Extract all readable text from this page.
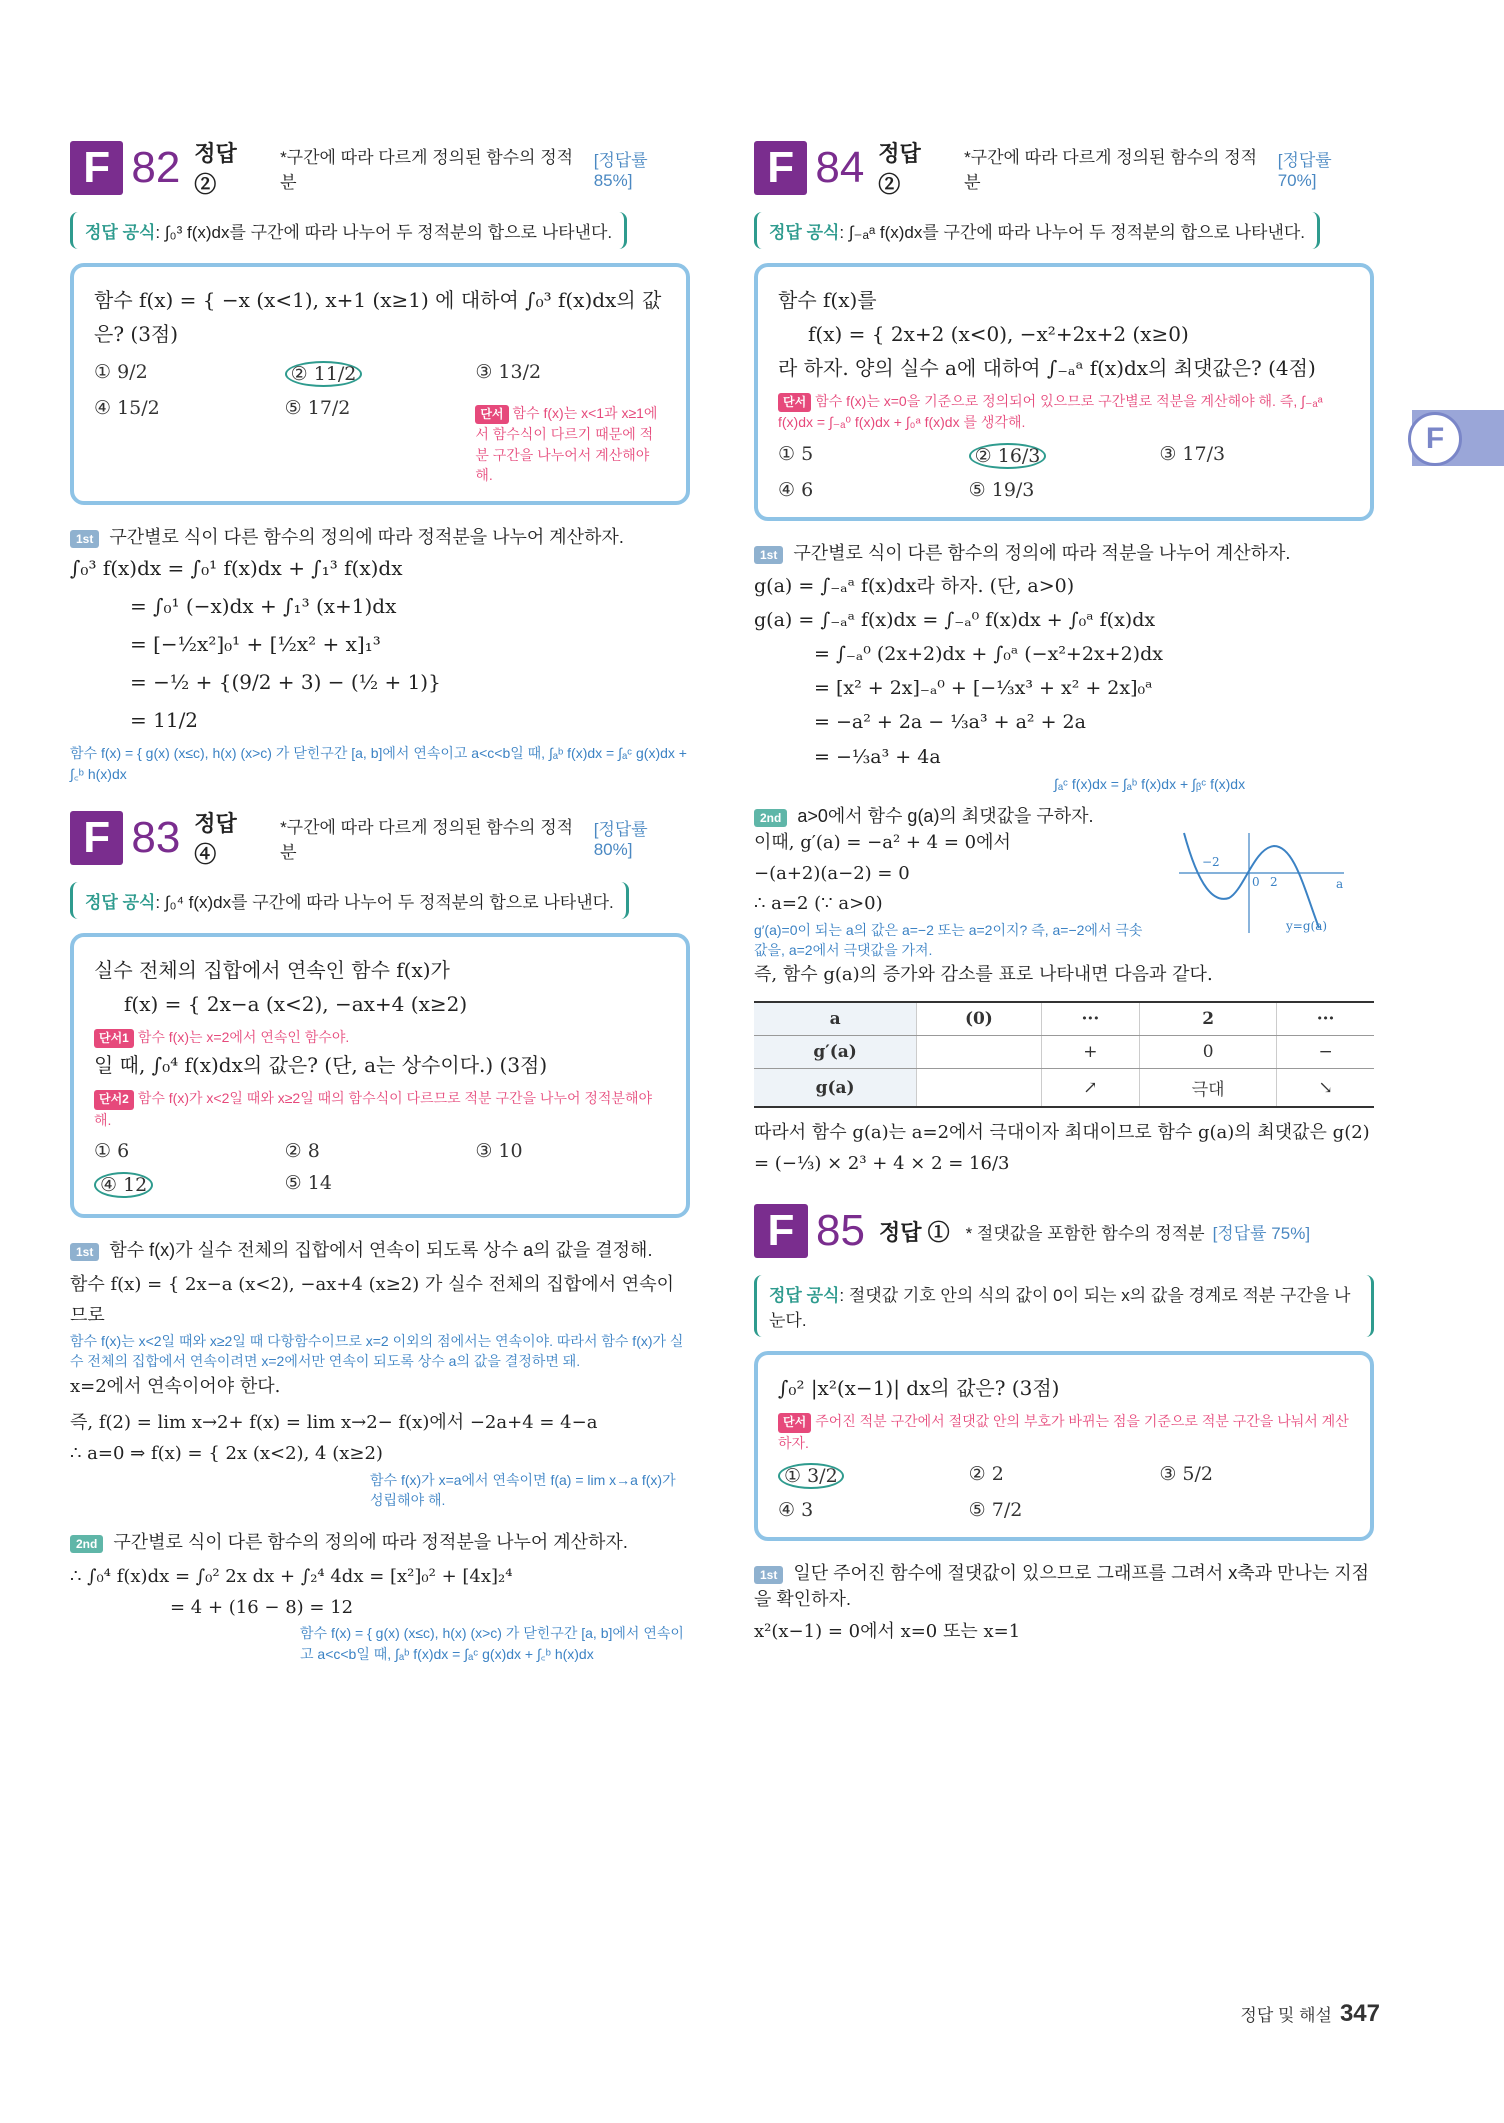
F 82 정답 ②
*구간에 따라 다르게 정의된 함수의 정적분
[정답률 85%]
정답 공식: ∫₀³ f(x)dx를 구간에 따라 나누어 두 정적분의 합으로 나타낸다.
함수 f(x) = { −x (x<1), x+1 (x≥1) 에 대하여 ∫₀³ f(x)dx의 값은? (3점)
① 9/2	② 11/2	③ 13/2
④ 15/2	⑤ 17/2	단서 함수 f(x)는 x<1과 x≥1에서 함수식이 다르기 때문에 적분 구간을 나누어서 계산해야 해.
1st 구간별로 식이 다른 함수의 정의에 따라 정적분을 나누어 계산하자.
∫₀³ f(x)dx = ∫₀¹ f(x)dx + ∫₁³ f(x)dx
= ∫₀¹ (−x)dx + ∫₁³ (x+1)dx
= [−½x²]₀¹ + [½x² + x]₁³
= −½ + {(9/2 + 3) − (½ + 1)}
= 11/2
함수 f(x) = { g(x) (x≤c), h(x) (x>c) 가 닫힌구간 [a, b]에서 연속이고 a<c<b일 때, ∫ₐᵇ f(x)dx = ∫ₐᶜ g(x)dx + ∫꜀ᵇ h(x)dx
F 83 정답 ④
*구간에 따라 다르게 정의된 함수의 정적분
[정답률 80%]
정답 공식: ∫₀⁴ f(x)dx를 구간에 따라 나누어 두 정적분의 합으로 나타낸다.
실수 전체의 집합에서 연속인 함수 f(x)가
f(x) = { 2x−a (x<2), −ax+4 (x≥2)
단서1 함수 f(x)는 x=2에서 연속인 함수야.
일 때, ∫₀⁴ f(x)dx의 값은? (단, a는 상수이다.) (3점)
단서2 함수 f(x)가 x<2일 때와 x≥2일 때의 함수식이 다르므로 적분 구간을 나누어 정적분해야 해.
① 6	② 8	③ 10
④ 12	⑤ 14
1st 함수 f(x)가 실수 전체의 집합에서 연속이 되도록 상수 a의 값을 결정해.
함수 f(x) = { 2x−a (x<2), −ax+4 (x≥2) 가 실수 전체의 집합에서 연속이므로
함수 f(x)는 x<2일 때와 x≥2일 때 다항함수이므로 x=2 이외의 점에서는 연속이야. 따라서 함수 f(x)가 실수 전체의 집합에서 연속이려면 x=2에서만 연속이 되도록 상수 a의 값을 결정하면 돼.
x=2에서 연속이어야 한다.
즉, f(2) = lim x→2+ f(x) = lim x→2− f(x)에서 −2a+4 = 4−a
∴ a=0 ⇒ f(x) = { 2x (x<2), 4 (x≥2)
함수 f(x)가 x=a에서 연속이면 f(a) = lim x→a f(x)가 성립해야 해.
2nd 구간별로 식이 다른 함수의 정의에 따라 정적분을 나누어 계산하자.
∴ ∫₀⁴ f(x)dx = ∫₀² 2x dx + ∫₂⁴ 4dx = [x²]₀² + [4x]₂⁴
= 4 + (16 − 8) = 12
함수 f(x) = { g(x) (x≤c), h(x) (x>c) 가 닫힌구간 [a, b]에서 연속이고 a<c<b일 때, ∫ₐᵇ f(x)dx = ∫ₐᶜ g(x)dx + ∫꜀ᵇ h(x)dx
F 84 정답 ②
*구간에 따라 다르게 정의된 함수의 정적분
[정답률 70%]
정답 공식: ∫₋ₐᵃ f(x)dx를 구간에 따라 나누어 두 정적분의 합으로 나타낸다.
함수 f(x)를
f(x) = { 2x+2 (x<0), −x²+2x+2 (x≥0)
라 하자. 양의 실수 a에 대하여 ∫₋ₐᵃ f(x)dx의 최댓값은? (4점)
단서 함수 f(x)는 x=0을 기준으로 정의되어 있으므로 구간별로 적분을 계산해야 해. 즉, ∫₋ₐᵃ f(x)dx = ∫₋ₐ⁰ f(x)dx + ∫₀ᵃ f(x)dx 를 생각해.
① 5	② 16/3	③ 17/3
④ 6	⑤ 19/3
1st 구간별로 식이 다른 함수의 정의에 따라 적분을 나누어 계산하자.
g(a) = ∫₋ₐᵃ f(x)dx라 하자. (단, a>0)
g(a) = ∫₋ₐᵃ f(x)dx = ∫₋ₐ⁰ f(x)dx + ∫₀ᵃ f(x)dx
= ∫₋ₐ⁰ (2x+2)dx + ∫₀ᵃ (−x²+2x+2)dx
= [x² + 2x]₋ₐ⁰ + [−⅓x³ + x² + 2x]₀ᵃ
= −a² + 2a − ⅓a³ + a² + 2a
= −⅓a³ + 4a
∫ₐᶜ f(x)dx = ∫ₐᵇ f(x)dx + ∫ᵦᶜ f(x)dx
2nd a>0에서 함수 g(a)의 최댓값을 구하자.
이때, g′(a) = −a² + 4 = 0에서
−(a+2)(a−2) = 0
∴ a=2 (∵ a>0)
g′(a)=0이 되는 a의 값은 a=−2 또는 a=2이지? 즉, a=−2에서 극솟값을, a=2에서 극댓값을 가져.
−2
0 2	a
y=g(a)
즉, 함수 g(a)의 증가와 감소를 표로 나타내면 다음과 같다.
a	(0)	···	2	···
g′(a)		+	0	−
g(a)		↗	극대	↘
따라서 함수 g(a)는 a=2에서 극대이자 최대이므로 함수 g(a)의 최댓값은 g(2) = (−⅓) × 2³ + 4 × 2 = 16/3
F 85 정답 ① * 절댓값을 포함한 함수의 정적분 [정답률 75%]
정답 공식: 절댓값 기호 안의 식의 값이 0이 되는 x의 값을 경계로 적분 구간을 나눈다.
∫₀² |x²(x−1)| dx의 값은? (3점)
단서 주어진 적분 구간에서 절댓값 안의 부호가 바뀌는 점을 기준으로 적분 구간을 나눠서 계산하자.
① 3/2	② 2	③ 5/2
④ 3	⑤ 7/2
1st 일단 주어진 함수에 절댓값이 있으므로 그래프를 그려서 x축과 만나는 지점을 확인하자.
x²(x−1) = 0에서 x=0 또는 x=1
F
정답 및 해설 347
